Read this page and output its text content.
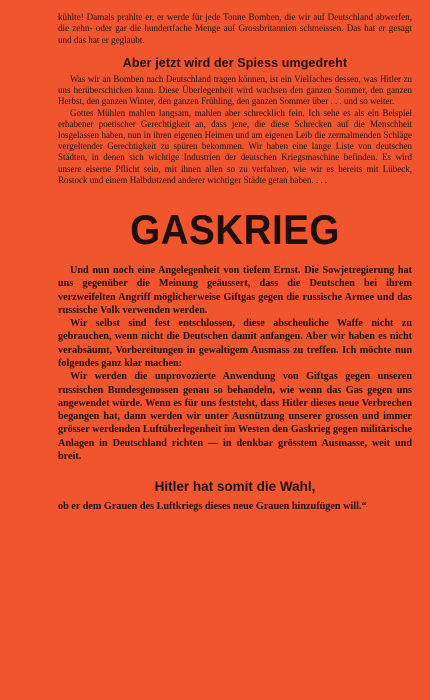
kühlte! Damals prahlte er, er werde für jede Tonne Bomben, die wir auf Deutschland abwerfen, die zehn- oder gar die hundertfache Menge auf Grossbritannien schmeissen. Das hat er gesagt und das hat er geglaubt.

Aber jetzt wird der Spiess umgedreht

Was wir an Bomben nach Deutschland tragen können, ist ein Vielfaches dessen, was Hitler zu uns herüberschicken kann. Diese Überlegenheit wird wachsen den ganzen Sommer, den ganzen Herbst, den ganzen Winter, den ganzen Frühling, den ganzen Sommer über . . . und so weiter.

Gottes Mühlen mahlen langsam, mahlen aber schrecklich fein. Ich sehe es als ein Beispiel erhabener poetischer Gerechtigkeit an, dass jene, die diese Schrecken auf die Menschheit losgelassen haben, nun in ihren eigenen Heimen und am eigenen Leib die zermalmenden Schläge vergeltender Gerechtigkeit zu spüren bekommen. Wir haben eine lange Liste von deutschen Städten, in denen sich wichtige Industrien der deutschen Kriegsmaschine befinden. Es wird unsere eiserne Pflicht sein, mit ihnen allen so zu verfahren, wie wir es bereits mit Lübeck, Rostock und einem Halbdutzend anderer wichtiger Städte getan haben. . . .

GASKRIEG

Und nun noch eine Angelegenheit von tiefem Ernst. Die Sowjetregierung hat uns gegenüber die Meinung geäussert, dass die Deutschen bei ihrem verzweifelten Angriff möglicherweise Giftgas gegen die russische Armee und das russische Volk verwenden werden.

Wir selbst sind fest entschlossen, diese abscheuliche Waffe nicht zu gebrauchen, wenn nicht die Deutschen damit anfangen. Aber wir haben es nicht verabsäumt, Vorbereitungen in gewaltigem Ausmass zu treffen. Ich möchte nun folgendes ganz klar machen:

Wir werden die unprovozierte Anwendung von Giftgas gegen unseren russischen Bundesgenossen genau so behandeln, wie wenn das Gas gegen uns angewendet würde. Wenn es für uns feststeht, dass Hitler dieses neue Verbrechen begangen hat, dann werden wir unter Ausnützung unserer grossen und immer grösser werdenden Luftüberlegenheit im Westen den Gaskrieg gegen militärische Anlagen in Deutschland richten — in denkbar grösstem Ausmasse, weit und breit.

Hitler hat somit die Wahl,

ob er dem Grauen des Luftkriegs dieses neue Grauen hinzufügen will.“
